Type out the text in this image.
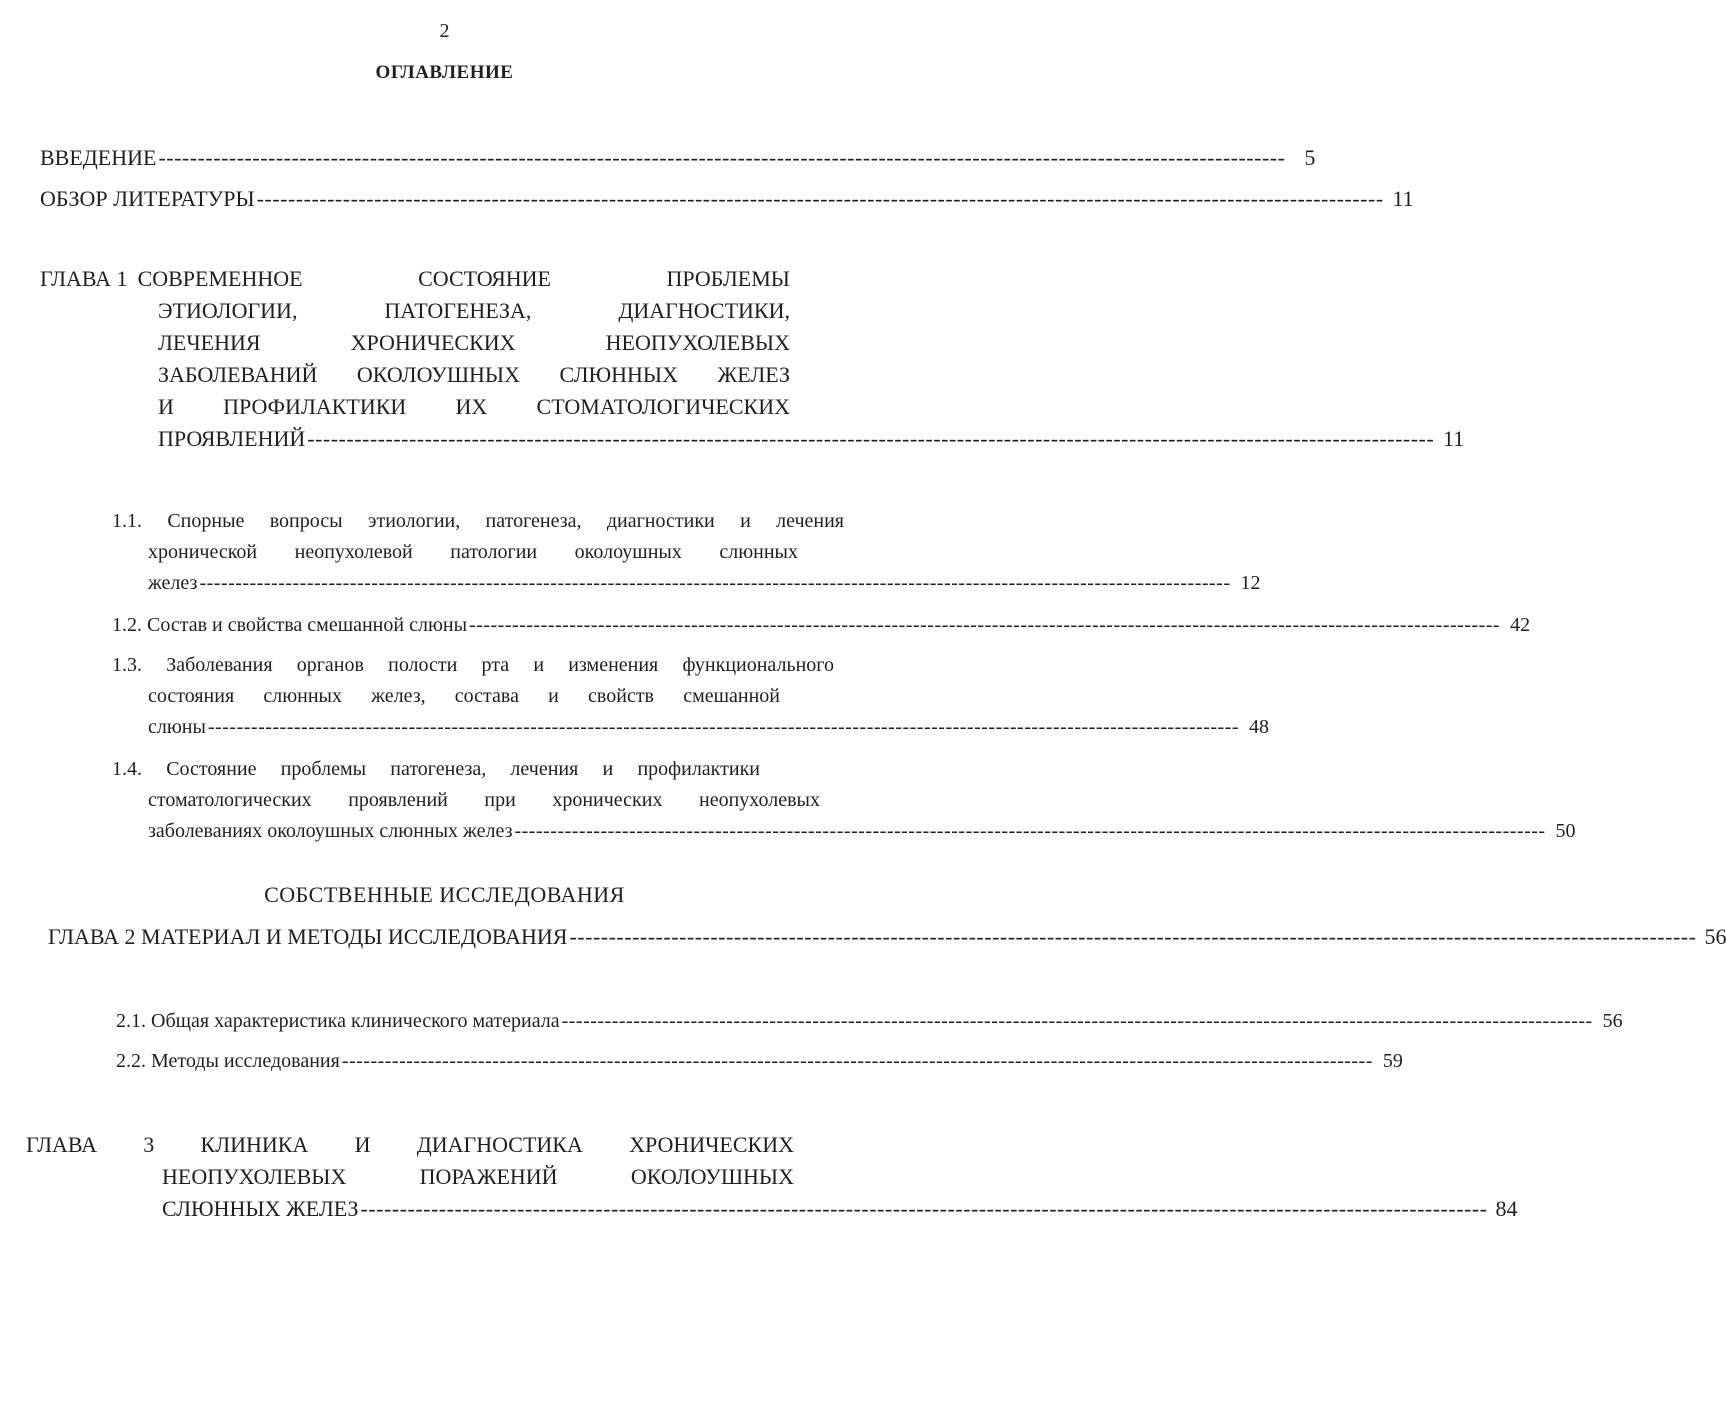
2
ОГЛАВЛЕНИЕ
ВВЕДЕНИЕ ------------------------------------------------------------------------------------------------------------------------------------------------ 5
ОБЗОР ЛИТЕРАТУРЫ ------------------------------------------------------------------------------------------------------------------------------------------------ 11
ГЛАВА 1 СОВРЕМЕННОЕ СОСТОЯНИЕ ПРОБЛЕМЫ
ЭТИОЛОГИИ, ПАТОГЕНЕЗА, ДИАГНОСТИКИ,
ЛЕЧЕНИЯ ХРОНИЧЕСКИХ НЕОПУХОЛЕВЫХ
ЗАБОЛЕВАНИЙ ОКОЛОУШНЫХ СЛЮННЫХ ЖЕЛЕЗ
И ПРОФИЛАКТИКИ ИХ СТОМАТОЛОГИЧЕСКИХ
ПРОЯВЛЕНИЙ ------------------------------------------------------------------------------------------------------------------------------------------------ 11
1.1. Спорные вопросы этиологии, патогенеза, диагностики и лечения
хронической неопухолевой патологии околоушных слюнных
желез ------------------------------------------------------------------------------------------------------------------------------------------------ 12
1.2. Состав и свойства смешанной слюны ------------------------------------------------------------------------------------------------------------------------------------------------ 42
1.3. Заболевания органов полости рта и изменения функционального
состояния слюнных желез, состава и свойств смешанной
слюны ------------------------------------------------------------------------------------------------------------------------------------------------ 48
1.4. Состояние проблемы патогенеза, лечения и профилактики
стоматологических проявлений при хронических неопухолевых
заболеваниях околоушных слюнных желез ------------------------------------------------------------------------------------------------------------------------------------------------ 50
СОБСТВЕННЫЕ ИССЛЕДОВАНИЯ
ГЛАВА 2 МАТЕРИАЛ И МЕТОДЫ ИССЛЕДОВАНИЯ ------------------------------------------------------------------------------------------------------------------------------------------------ 56
2.1. Общая характеристика клинического материала ------------------------------------------------------------------------------------------------------------------------------------------------ 56
2.2. Методы исследования ------------------------------------------------------------------------------------------------------------------------------------------------ 59
ГЛАВА 3 КЛИНИКА И ДИАГНОСТИКА ХРОНИЧЕСКИХ
НЕОПУХОЛЕВЫХ ПОРАЖЕНИЙ ОКОЛОУШНЫХ
СЛЮННЫХ ЖЕЛЕЗ ------------------------------------------------------------------------------------------------------------------------------------------------ 84
